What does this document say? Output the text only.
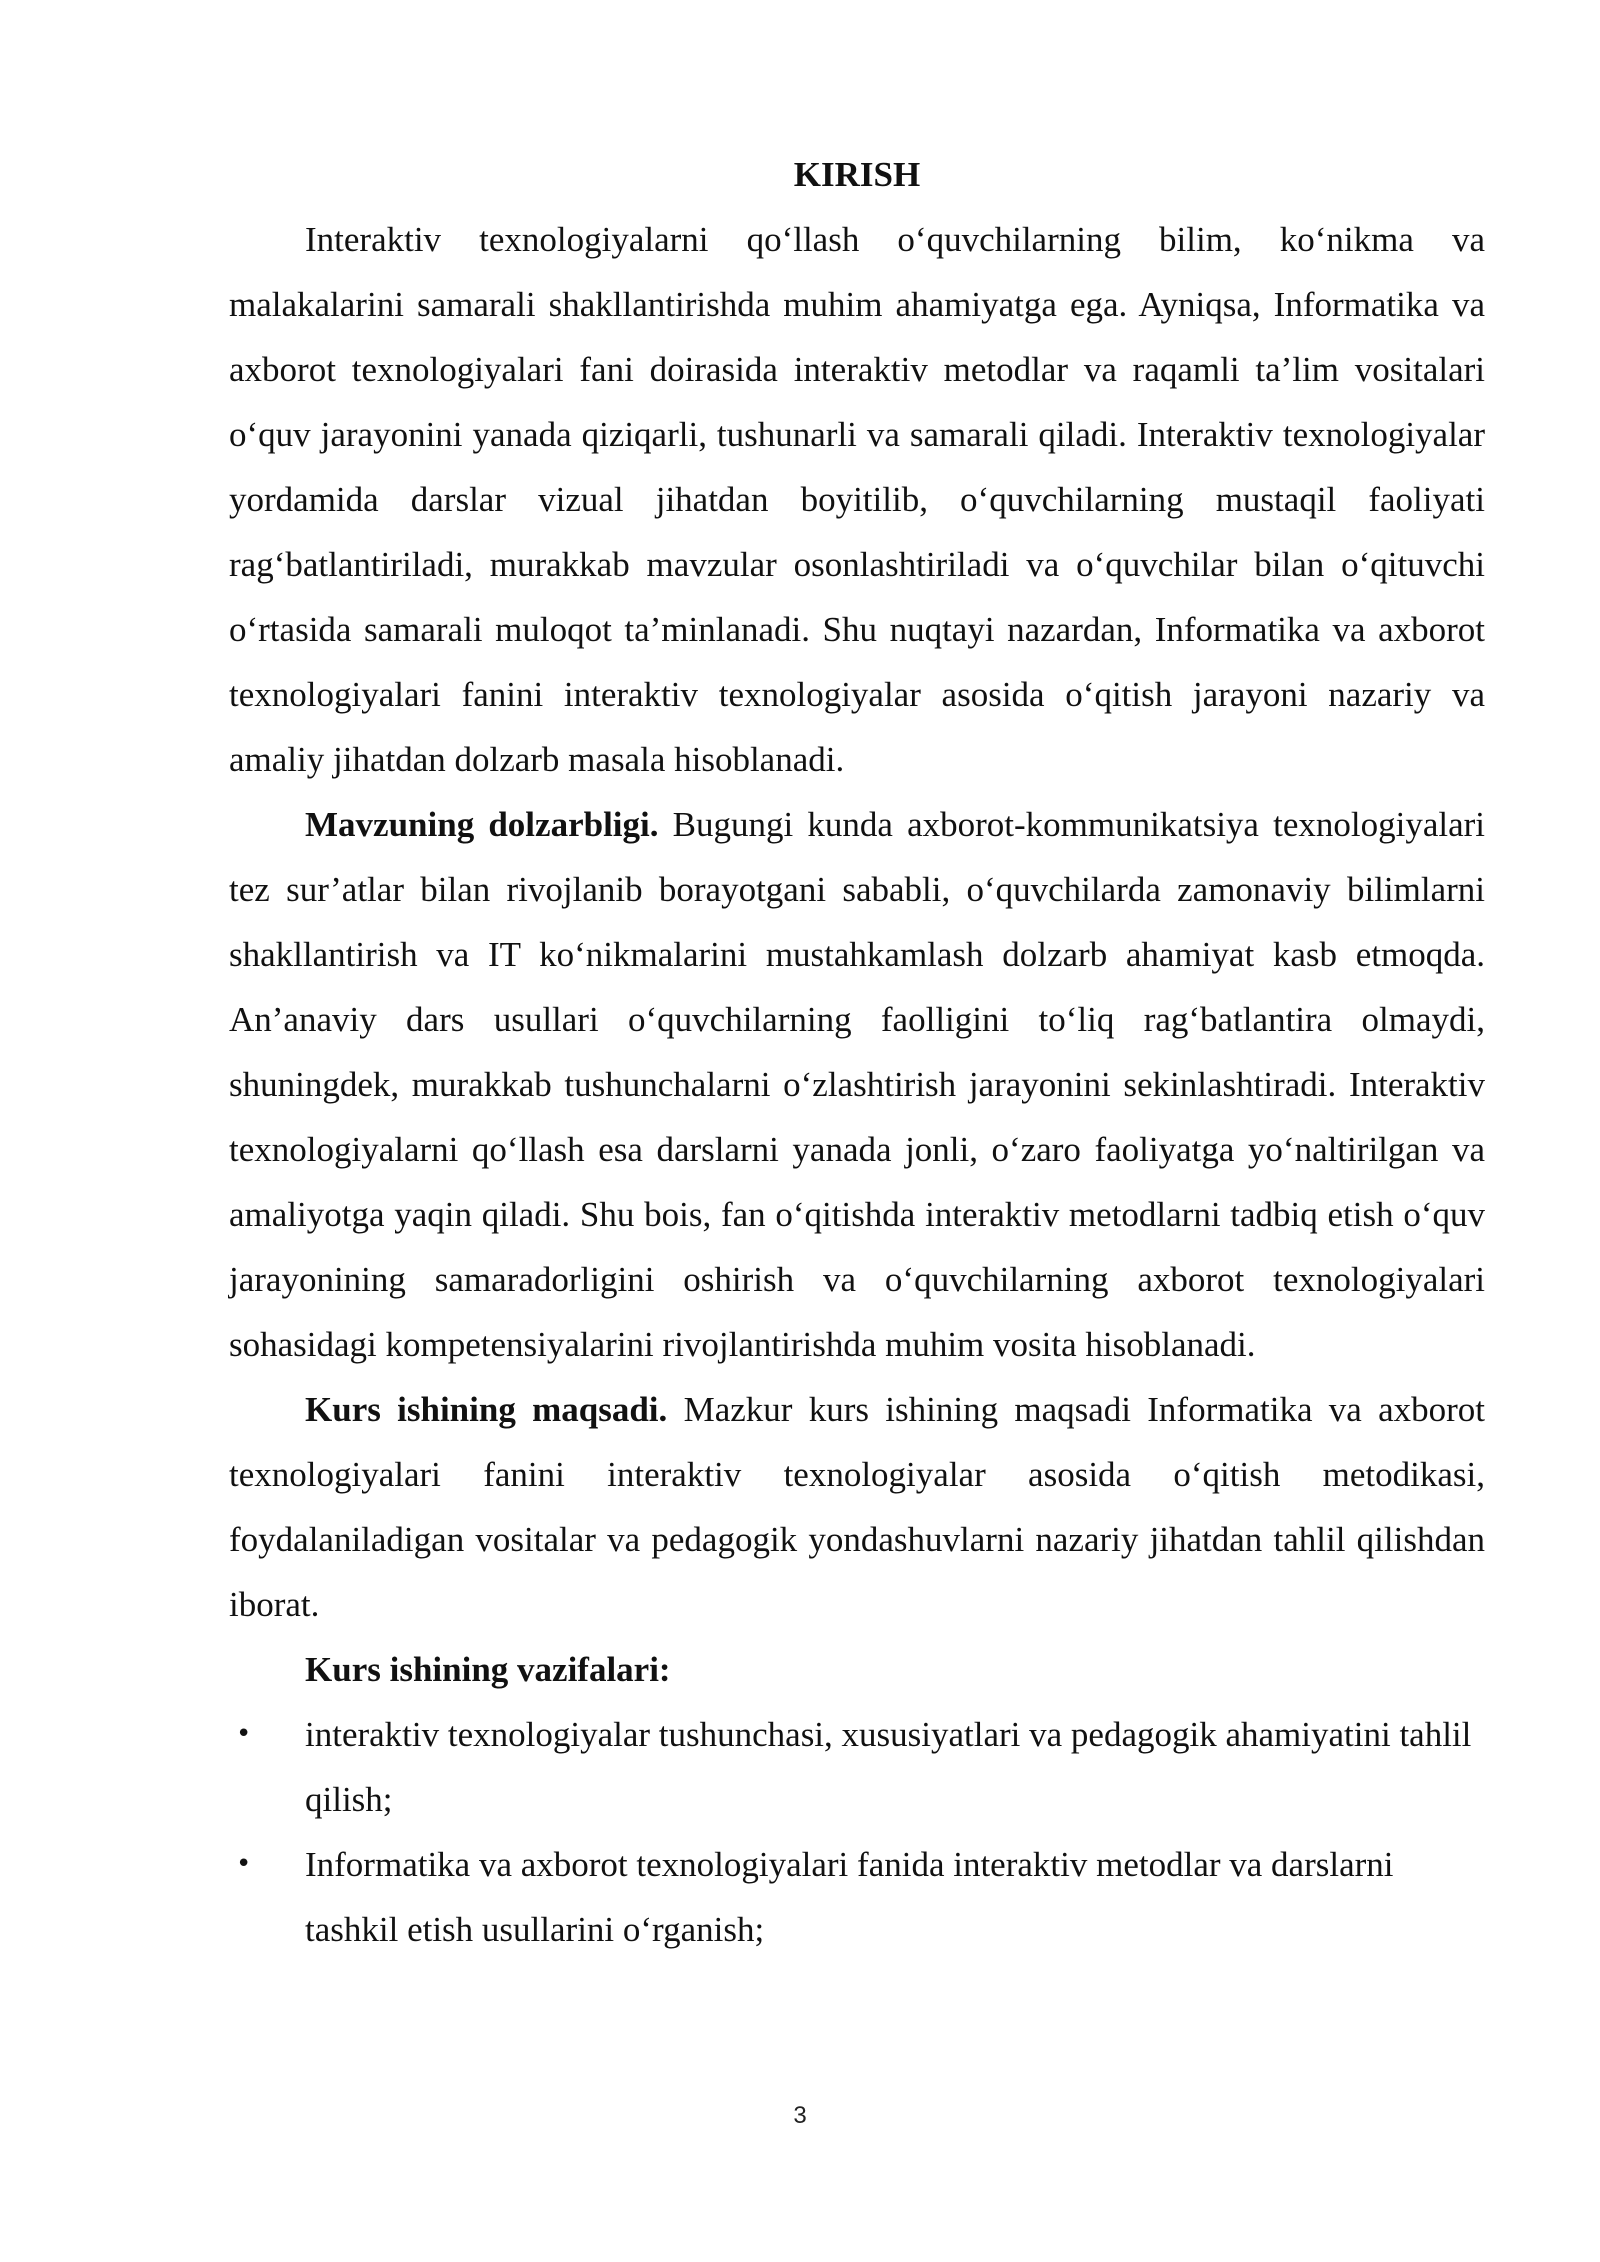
KIRISH

Interaktiv texnologiyalarni qo‘llash o‘quvchilarning bilim, ko‘nikma va malakalarini samarali shakllantirishda muhim ahamiyatga ega. Ayniqsa, Informatika va axborot texnologiyalari fani doirasida interaktiv metodlar va raqamli ta’lim vositalari o‘quv jarayonini yanada qiziqarli, tushunarli va samarali qiladi. Interaktiv texnologiyalar yordamida darslar vizual jihatdan boyitilib, o‘quvchilarning mustaqil faoliyati rag‘batlantiriladi, murakkab mavzular osonlashtiriladi va o‘quvchilar bilan o‘qituvchi o‘rtasida samarali muloqot ta’minlanadi. Shu nuqtayi nazardan, Informatika va axborot texnologiyalari fanini interaktiv texnologiyalar asosida o‘qitish jarayoni nazariy va amaliy jihatdan dolzarb masala hisoblanadi.

Mavzuning dolzarbligi. Bugungi kunda axborot-kommunikatsiya texnologiyalari tez sur’atlar bilan rivojlanib borayotgani sababli, o‘quvchilarda zamonaviy bilimlarni shakllantirish va IT ko‘nikmalarini mustahkamlash dolzarb ahamiyat kasb etmoqda. An’anaviy dars usullari o‘quvchilarning faolligini to‘liq rag‘batlantira olmaydi, shuningdek, murakkab tushunchalarni o‘zlashtirish jarayonini sekinlashtiradi. Interaktiv texnologiyalarni qo‘llash esa darslarni yanada jonli, o‘zaro faoliyatga yo‘naltirilgan va amaliyotga yaqin qiladi. Shu bois, fan o‘qitishda interaktiv metodlarni tadbiq etish o‘quv jarayonining samaradorligini oshirish va o‘quvchilarning axborot texnologiyalari sohasidagi kompetensiyalarini rivojlantirishda muhim vosita hisoblanadi.

Kurs ishining maqsadi. Mazkur kurs ishining maqsadi Informatika va axborot texnologiyalari fanini interaktiv texnologiyalar asosida o‘qitish metodikasi, foydalaniladigan vositalar va pedagogik yondashuvlarni nazariy jihatdan tahlil qilishdan iborat.

Kurs ishining vazifalari:
• interaktiv texnologiyalar tushunchasi, xususiyatlari va pedagogik ahamiyatini tahlil qilish;
• Informatika va axborot texnologiyalari fanida interaktiv metodlar va darslarni tashkil etish usullarini o‘rganish;
3
